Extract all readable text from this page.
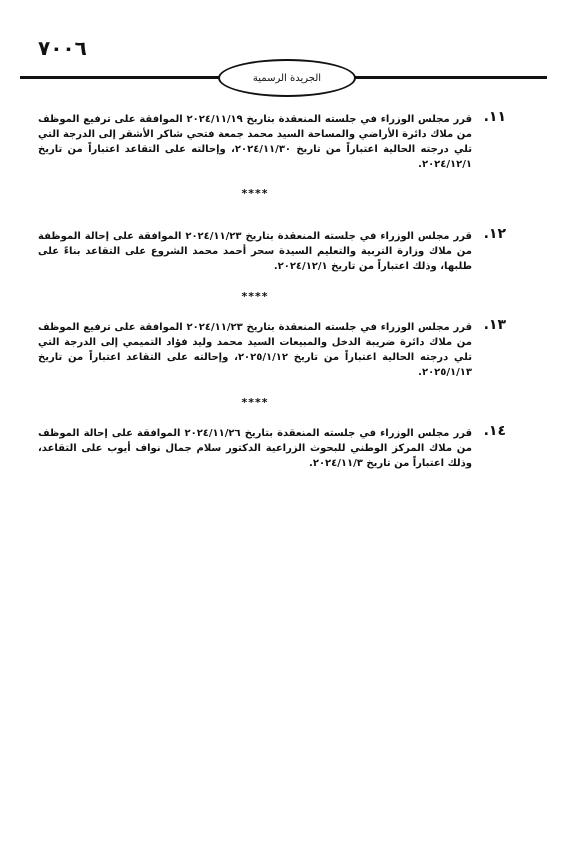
٧٠٠٦
الجريدة الرسمية
١١.
قرر مجلس الوزراء في جلسته المنعقدة بتاريخ ٢٠٢٤/١١/١٩ الموافقة على ترفيع الموظف من ملاك دائرة الأراضي والمساحة السيد محمد جمعة فتحي شاكر الأشقر إلى الدرجة التي تلي درجته الحالية اعتباراً من تاريخ ٢٠٢٤/١١/٣٠، وإحالته على التقاعد اعتباراً من تاريخ ٢٠٢٤/١٢/١.
****
١٢.
قرر مجلس الوزراء في جلسته المنعقدة بتاريخ ٢٠٢٤/١١/٢٣ الموافقة على إحالة الموظفة من ملاك وزارة التربية والتعليم السيدة سحر أحمد محمد الشروع على التقاعد بناءً على طلبها، وذلك اعتباراً من تاريخ ٢٠٢٤/١٢/١.
****
١٣.
قرر مجلس الوزراء في جلسته المنعقدة بتاريخ ٢٠٢٤/١١/٢٣ الموافقة على ترفيع الموظف من ملاك دائرة ضريبة الدخل والمبيعات السيد محمد وليد فؤاد التميمي إلى الدرجة التي تلي درجته الحالية اعتباراً من تاريخ ٢٠٢٥/١/١٢، وإحالته على التقاعد اعتباراً من تاريخ ٢٠٢٥/١/١٣.
****
١٤.
قرر مجلس الوزراء في جلسته المنعقدة بتاريخ ٢٠٢٤/١١/٢٦ الموافقة على إحالة الموظف من ملاك المركز الوطني للبحوث الزراعية الدكتور سلام جمال نواف أيوب على التقاعد، وذلك اعتباراً من تاريخ ٢٠٢٤/١١/٣.
